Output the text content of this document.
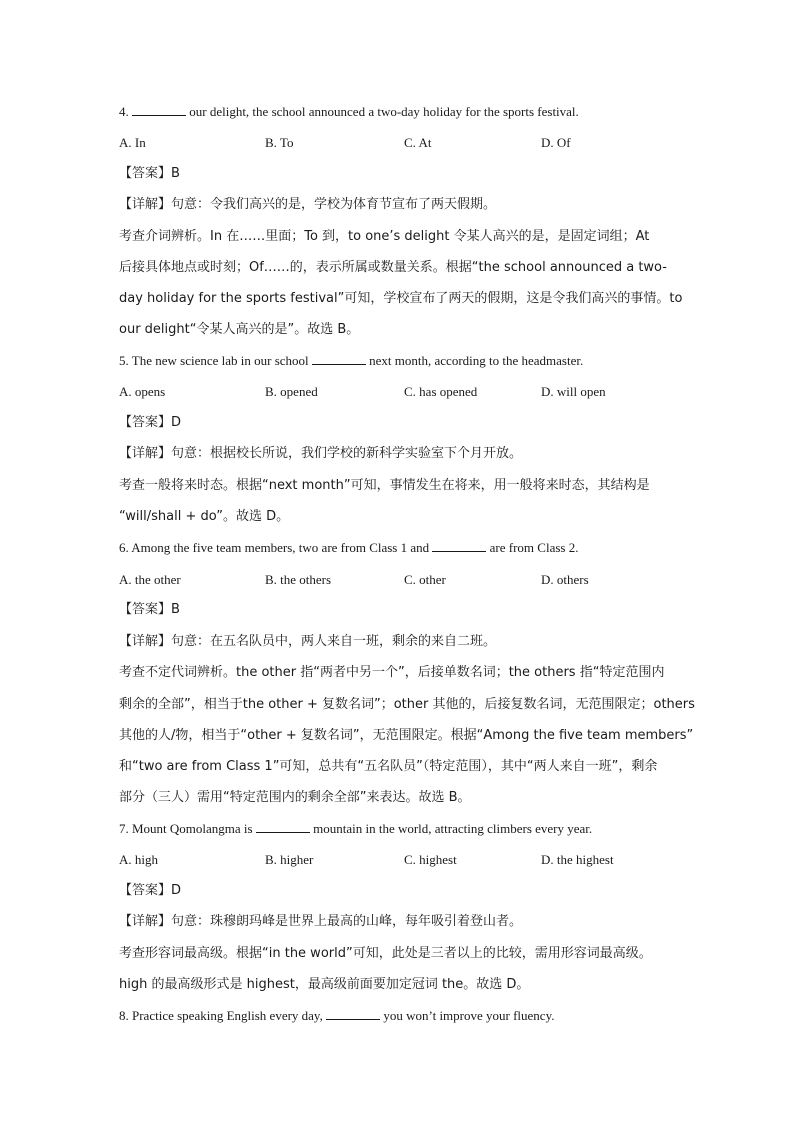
4.	our delight, the school announced a two-day holiday for the sports festival.
A. In	B. To	C. At	D. Of
【答案】B
【详解】句意：令我们高兴的是，学校为体育节宣布了两天假期。
考查介词辨析。In 在……里面；To 到，to one’s delight 令某人高兴的是，是固定词组；At
后接具体地点或时刻；Of……的，表示所属或数量关系。根据“the school announced a two-
day holiday for the sports festival”可知，学校宣布了两天的假期，这是令我们高兴的事情。to
our delight“令某人高兴的是”。故选 B。
5. The new science lab in our school	next month, according to the headmaster.
A. opens	B. opened	C. has opened	D. will open
【答案】D
【详解】句意：根据校长所说，我们学校的新科学实验室下个月开放。
考查一般将来时态。根据“next month”可知，事情发生在将来，用一般将来时态，其结构是
“will/shall + do”。故选 D。
6. Among the five team members, two are from Class 1 and	are from Class 2.
A. the other	B. the others	C. other	D. others
【答案】B
【详解】句意：在五名队员中，两人来自一班，剩余的来自二班。
考查不定代词辨析。the other 指“两者中另一个”，后接单数名词；the others 指“特定范围内
剩余的全部”，相当于the other + 复数名词”；other 其他的，后接复数名词，无范围限定；others
其他的人/物，相当于“other + 复数名词”，无范围限定。根据“Among the five team members”
和“two are from Class 1”可知，总共有“五名队员”（特定范围），其中“两人来自一班”，剩余
部分（三人）需用“特定范围内的剩余全部”来表达。故选 B。
7. Mount Qomolangma is	mountain in the world, attracting climbers every year.
A. high	B. higher	C. highest	D. the highest
【答案】D
【详解】句意：珠穆朗玛峰是世界上最高的山峰，每年吸引着登山者。
考查形容词最高级。根据“in the world”可知，此处是三者以上的比较，需用形容词最高级。
high 的最高级形式是 highest，最高级前面要加定冠词 the。故选 D。
8. Practice speaking English every day,	you won’t improve your fluency.
